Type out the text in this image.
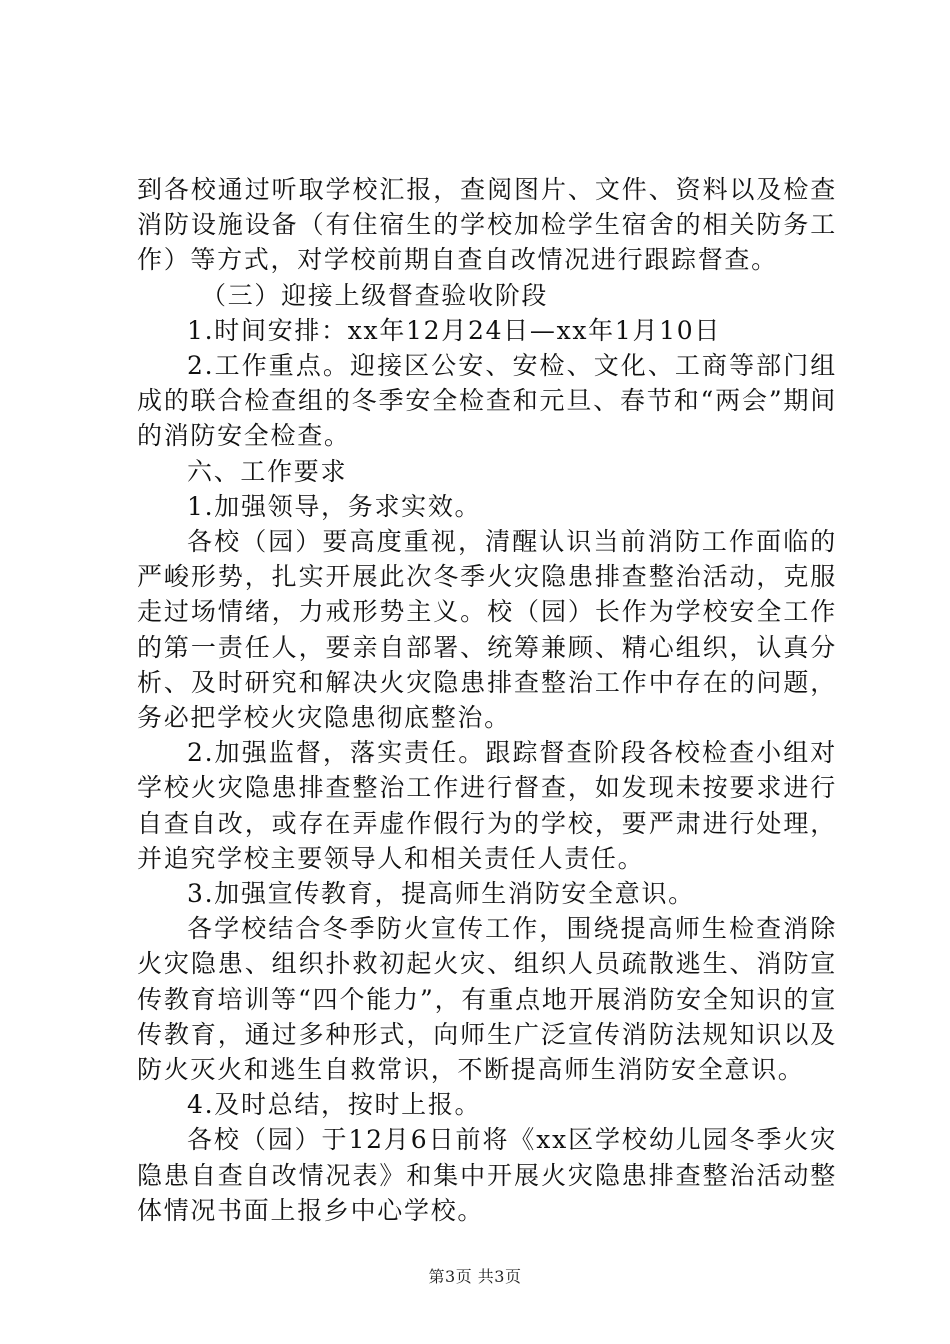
到各校通过听取学校汇报，查阅图片、文件、资料以及检查消防设施设备（有住宿生的学校加检学生宿舍的相关防务工作）等方式，对学校前期自查自改情况进行跟踪督查。

（三）迎接上级督查验收阶段

1.时间安排：xx年12月24日—xx年1月10日

2.工作重点。迎接区公安、安检、文化、工商等部门组成的联合检查组的冬季安全检查和元旦、春节和“两会”期间的消防安全检查。

六、工作要求

1.加强领导，务求实效。

各校（园）要高度重视，清醒认识当前消防工作面临的严峻形势，扎实开展此次冬季火灾隐患排查整治活动，克服走过场情绪，力戒形势主义。校（园）长作为学校安全工作的第一责任人，要亲自部署、统筹兼顾、精心组织，认真分析、及时研究和解决火灾隐患排查整治工作中存在的问题，务必把学校火灾隐患彻底整治。

2.加强监督，落实责任。跟踪督查阶段各校检查小组对学校火灾隐患排查整治工作进行督查，如发现未按要求进行自查自改，或存在弄虚作假行为的学校，要严肃进行处理，并追究学校主要领导人和相关责任人责任。

3.加强宣传教育，提高师生消防安全意识。

各学校结合冬季防火宣传工作，围绕提高师生检查消除火灾隐患、组织扑救初起火灾、组织人员疏散逃生、消防宣传教育培训等“四个能力”，有重点地开展消防安全知识的宣传教育，通过多种形式，向师生广泛宣传消防法规知识以及防火灭火和逃生自救常识，不断提高师生消防安全意识。

4.及时总结，按时上报。

各校（园）于12月6日前将《xx区学校幼儿园冬季火灾隐患自查自改情况表》和集中开展火灾隐患排查整治活动整体情况书面上报乡中心学校。

第3页 共3页
